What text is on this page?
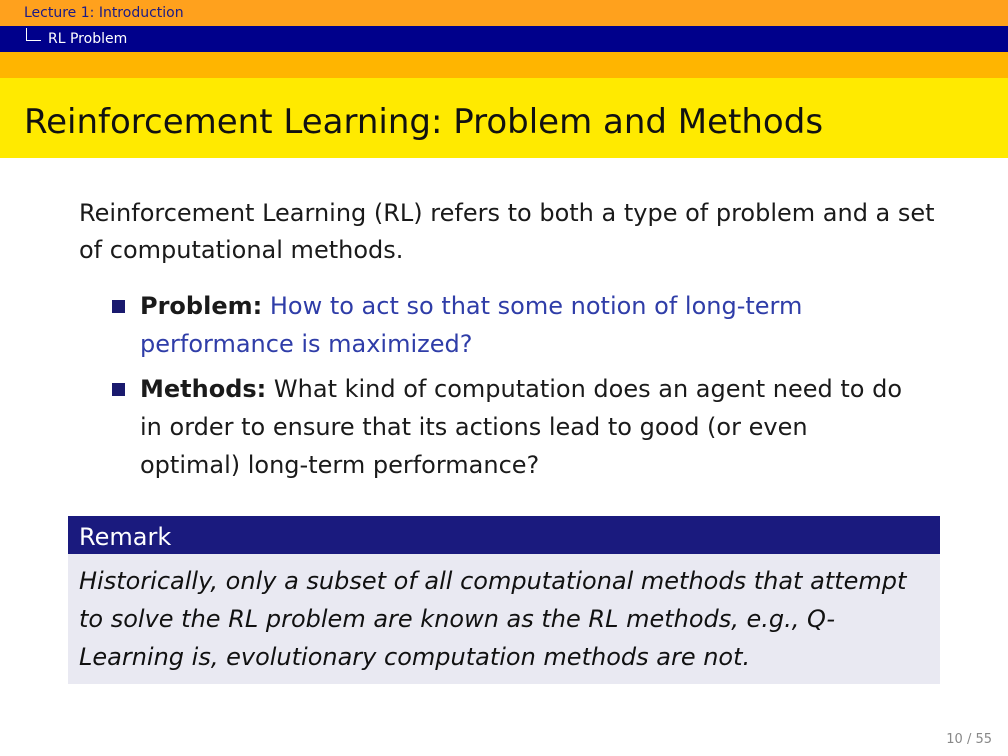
Lecture 1: Introduction
RL Problem
Reinforcement Learning: Problem and Methods

Reinforcement Learning (RL) refers to both a type of problem and a set of computational methods.

Problem: How to act so that some notion of long-term performance is maximized?
Methods: What kind of computation does an agent need to do in order to ensure that its actions lead to good (or even optimal) long-term performance?
Remark
Historically, only a subset of all computational methods that attempt to solve the RL problem are known as the RL methods, e.g., Q-Learning is, evolutionary computation methods are not.
10 / 55
